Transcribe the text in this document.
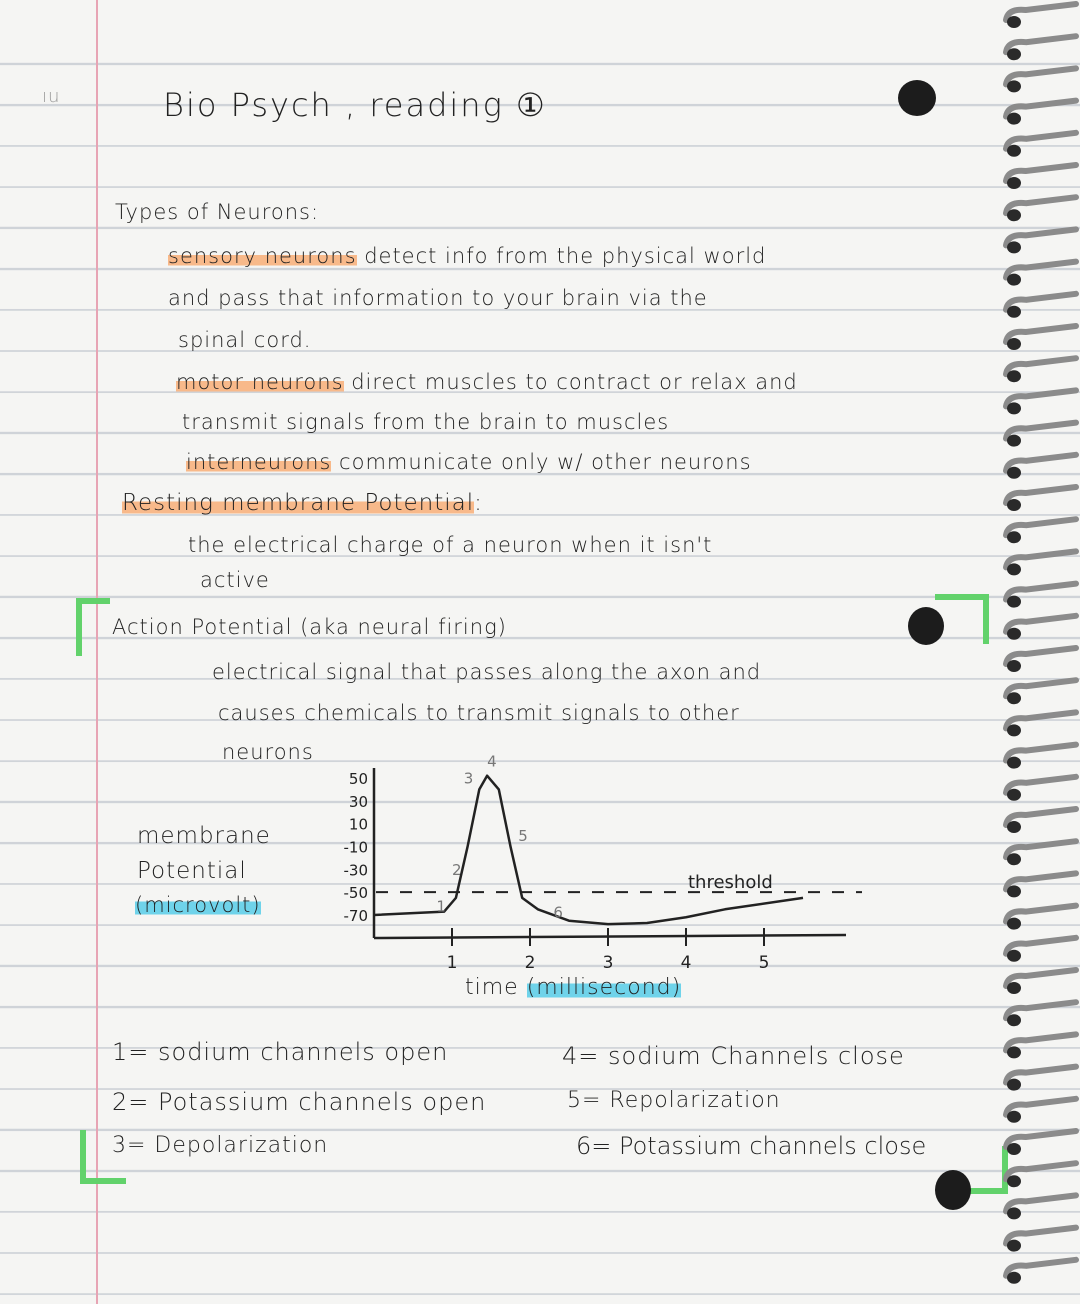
ıu	Bio Psych , reading ①
Types of Neurons:
sensory neurons detect info from the physical world
and pass that information to your brain via the
spinal cord.
motor neurons direct muscles to contract or relax and
transmit signals from the brain to muscles
interneurons communicate only w/ other neurons
Resting membrane Potential:
the electrical charge of a neuron when it isn't
active
Action Potential (aka neural firing)
electrical signal that passes along the axon and
causes chemicals to transmit signals to other
neurons
membrane
Potential
(microvolt)
time (millisecond)
50
30
10
-10
-30
-50
-70
1	2	3	4	5
threshold
1
2
3
4
5
6
1= sodium channels open
2= Potassium channels open
3= Depolarization
4= sodium Channels close
5= Repolarization
6= Potassium channels close
